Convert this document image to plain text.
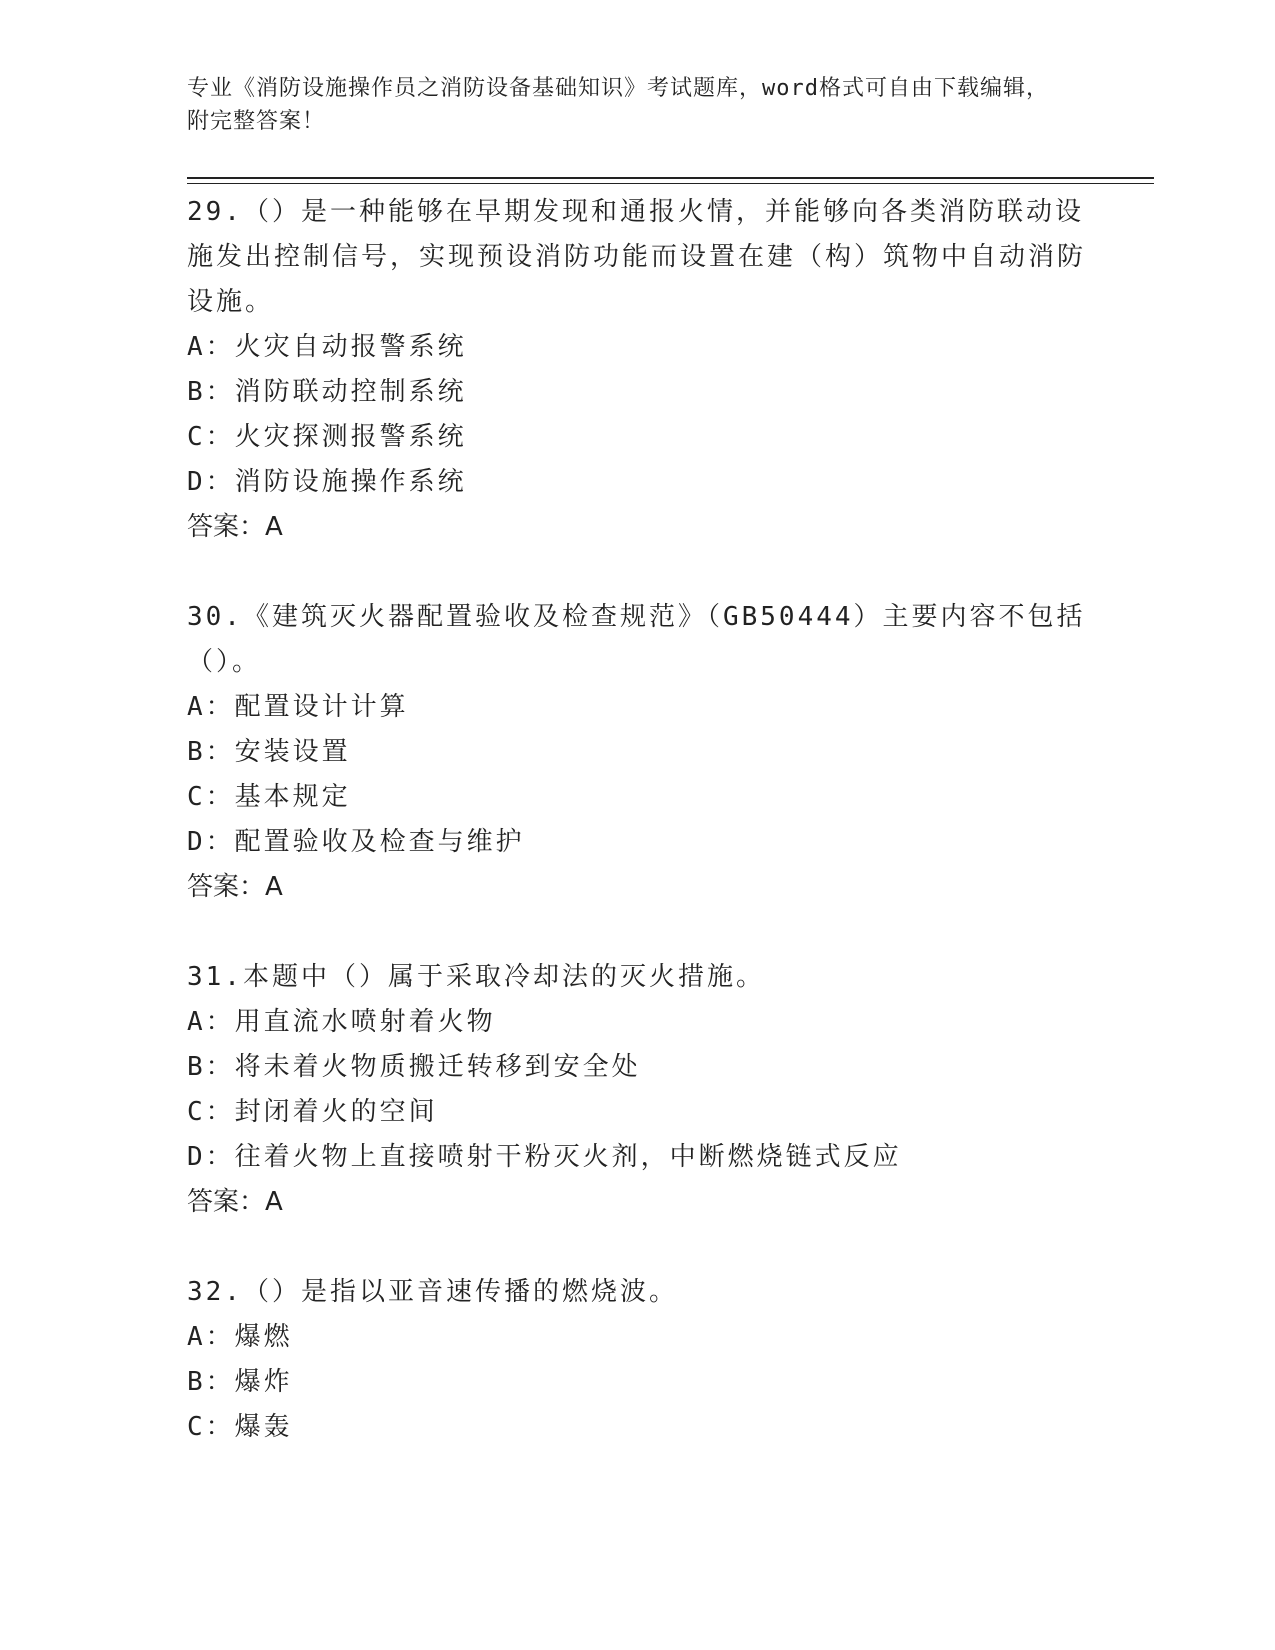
专业《消防设施操作员之消防设备基础知识》考试题库，word格式可自由下载编辑，附完整答案！

29.（）是一种能够在早期发现和通报火情，并能够向各类消防联动设施发出控制信号，实现预设消防功能而设置在建（构）筑物中自动消防设施。

A：火灾自动报警系统

B：消防联动控制系统

C：火灾探测报警系统

D：消防设施操作系统

答案：A

30.《建筑灭火器配置验收及检查规范》（GB50444）主要内容不包括（）。

A：配置设计计算

B：安装设置

C：基本规定

D：配置验收及检查与维护

答案：A

31.本题中（）属于采取冷却法的灭火措施。

A：用直流水喷射着火物

B：将未着火物质搬迁转移到安全处

C：封闭着火的空间

D：往着火物上直接喷射干粉灭火剂，中断燃烧链式反应

答案：A

32.（）是指以亚音速传播的燃烧波。

A：爆燃

B：爆炸

C：爆轰
